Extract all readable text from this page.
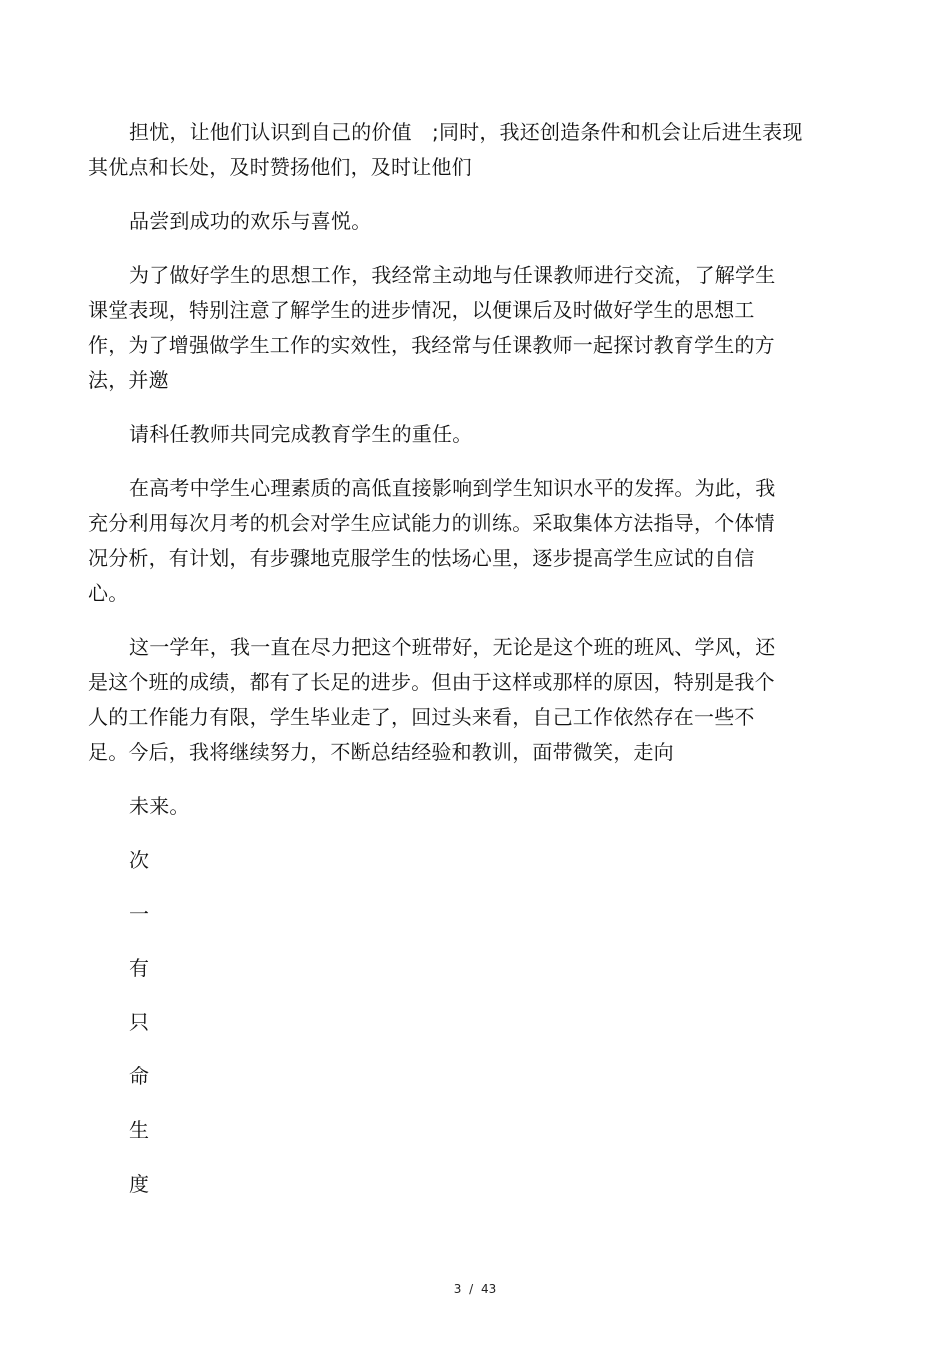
担忧，让他们认识到自己的价值　;同时，我还创造条件和机会让后进生表现
其优点和长处，及时赞扬他们，及时让他们
品尝到成功的欢乐与喜悦。
为了做好学生的思想工作，我经常主动地与任课教师进行交流，了解学生
课堂表现，特别注意了解学生的进步情况，以便课后及时做好学生的思想工
作，为了增强做学生工作的实效性，我经常与任课教师一起探讨教育学生的方
法，并邀
请科任教师共同完成教育学生的重任。
在高考中学生心理素质的高低直接影响到学生知识水平的发挥。为此，我
充分利用每次月考的机会对学生应试能力的训练。采取集体方法指导，个体情
况分析，有计划，有步骤地克服学生的怯场心里，逐步提高学生应试的自信
心。
这一学年，我一直在尽力把这个班带好，无论是这个班的班风、学风，还
是这个班的成绩，都有了长足的进步。但由于这样或那样的原因，特别是我个
人的工作能力有限，学生毕业走了，回过头来看，自己工作依然存在一些不
足。今后，我将继续努力，不断总结经验和教训，面带微笑，走向
未来。
次
一
有
只
命
生
度
3 / 43
